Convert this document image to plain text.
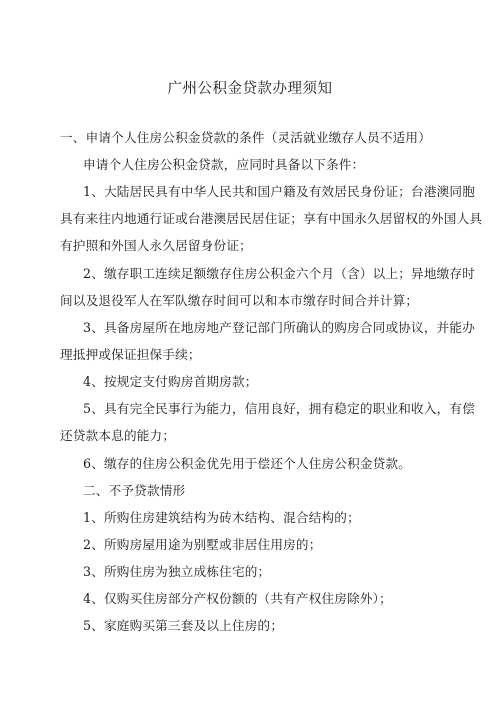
广州公积金贷款办理须知
一、申请个人住房公积金贷款的条件（灵活就业缴存人员不适用）
申请个人住房公积金贷款，应同时具备以下条件：
1、大陆居民具有中华人民共和国户籍及有效居民身份证；台港澳同胞
具有来往内地通行证或台港澳居民居住证；享有中国永久居留权的外国人具
有护照和外国人永久居留身份证；
2、缴存职工连续足额缴存住房公积金六个月（含）以上；异地缴存时
间以及退役军人在军队缴存时间可以和本市缴存时间合并计算；
3、具备房屋所在地房地产登记部门所确认的购房合同或协议，并能办
理抵押或保证担保手续；
4、按规定支付购房首期房款；
5、具有完全民事行为能力，信用良好，拥有稳定的职业和收入，有偿
还贷款本息的能力；
6、缴存的住房公积金优先用于偿还个人住房公积金贷款。
二、不予贷款情形
1、所购住房建筑结构为砖木结构、混合结构的；
2、所购房屋用途为别墅或非居住用房的；
3、所购住房为独立成栋住宅的；
4、仅购买住房部分产权份额的（共有产权住房除外）；
5、家庭购买第三套及以上住房的；
